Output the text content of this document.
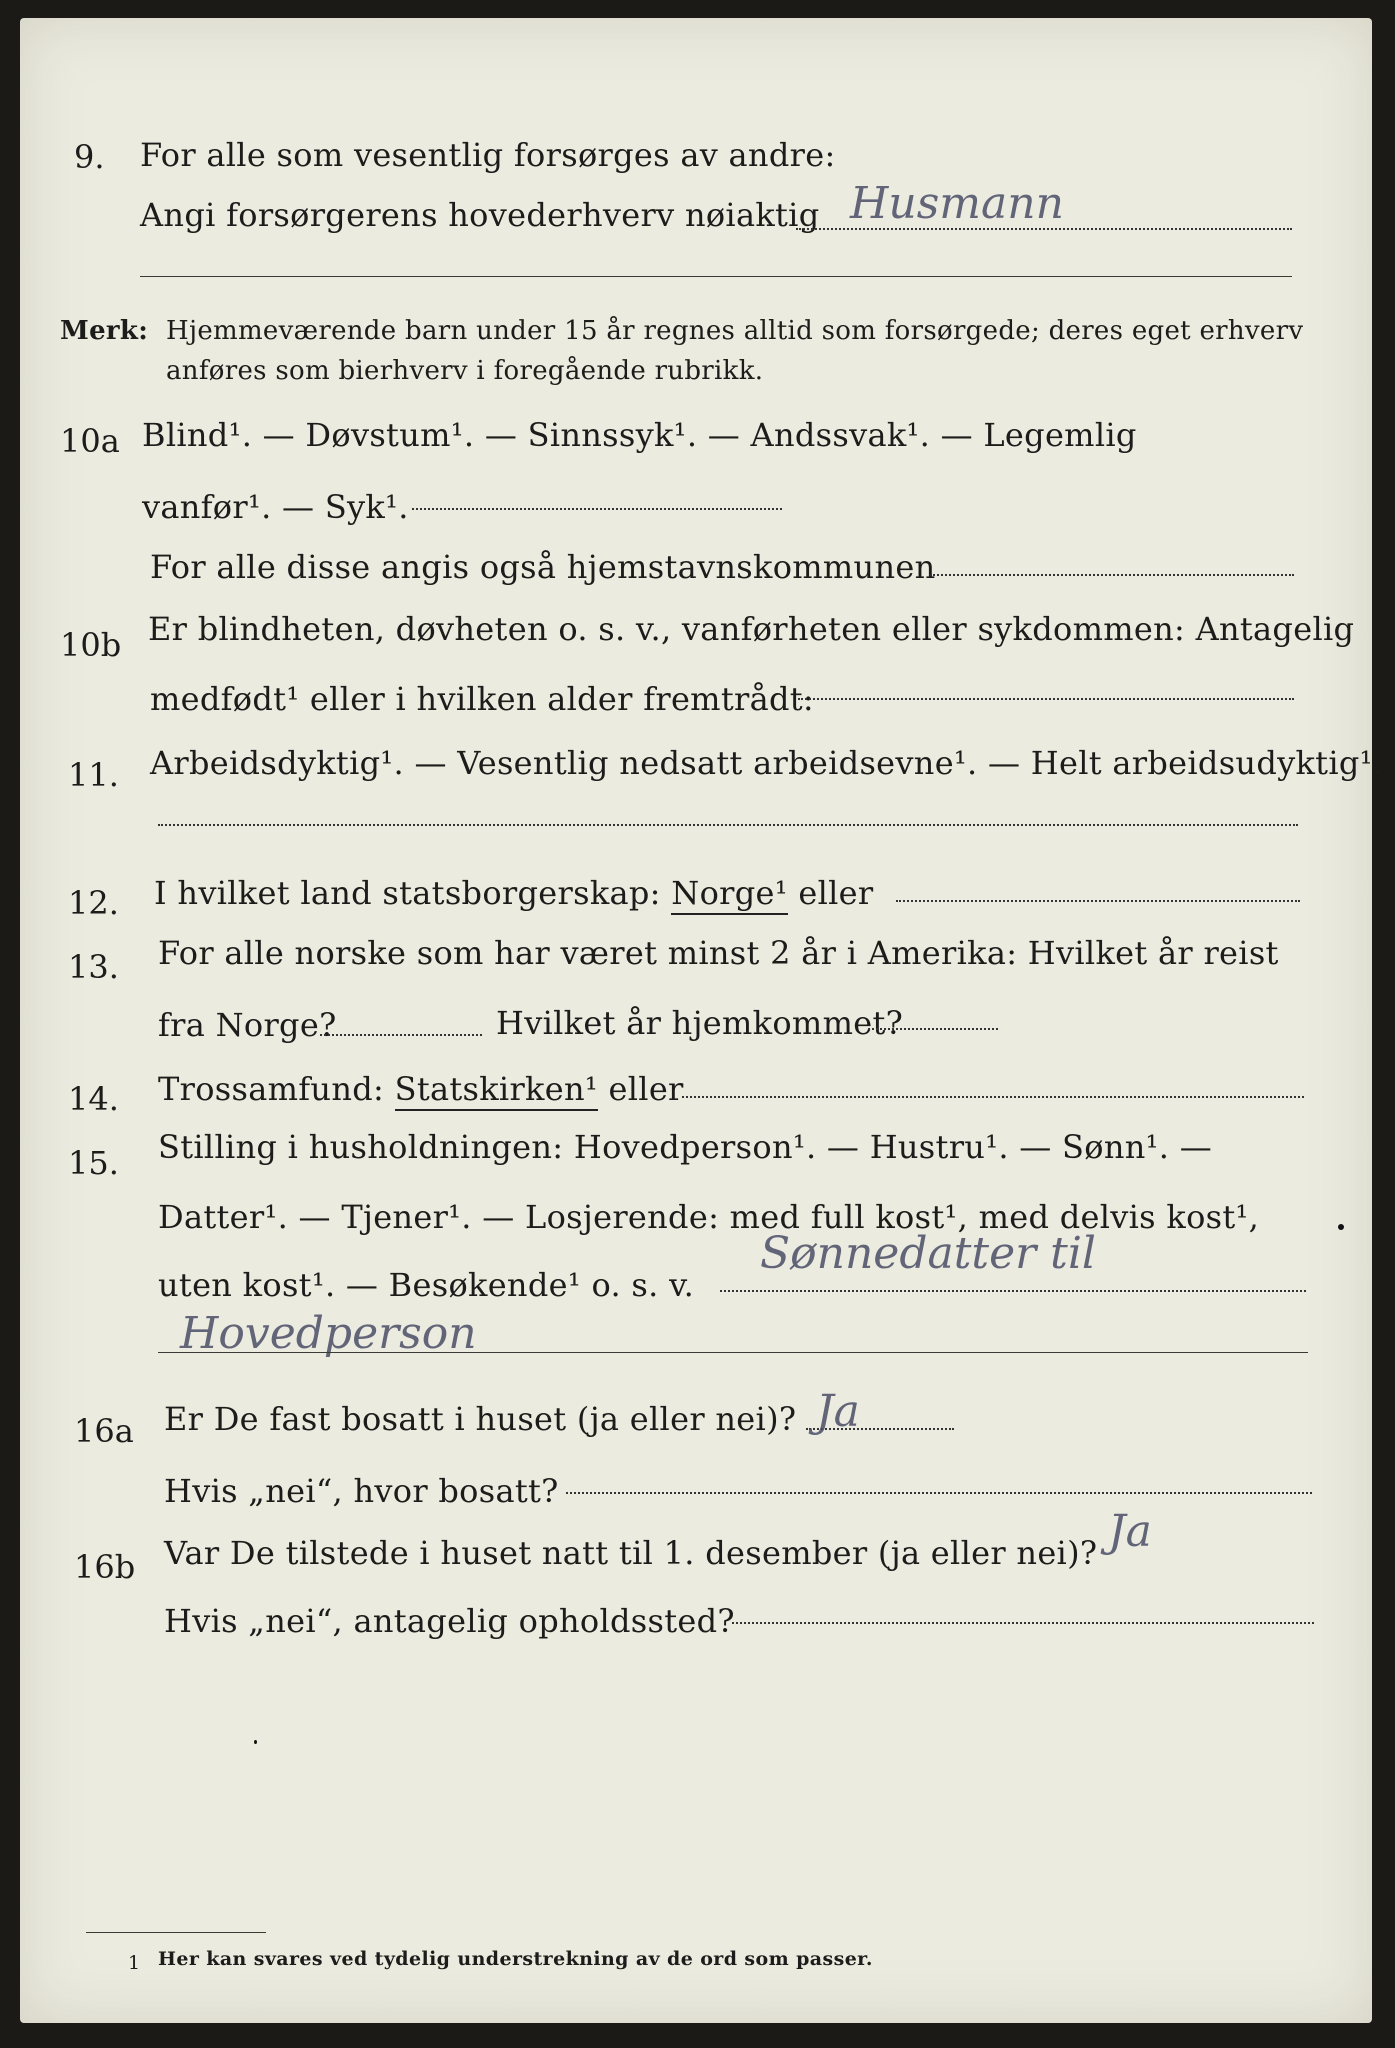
9. For alle som vesentlig forsørges av andre:
Angi forsørgerens hovederhverv nøiaktig Husmann
Merk: Hjemmeværende barn under 15 år regnes alltid som forsørgede; deres eget erhverv
anføres som bierhverv i foregående rubrikk.
10a Blind¹. — Døvstum¹. — Sinnssyk¹. — Andssvak¹. — Legemlig
vanfør¹. — Syk¹.
For alle disse angis også hjemstavnskommunen
10b Er blindheten, døvheten o. s. v., vanførheten eller sykdommen: Antagelig
medfødt¹ eller i hvilken alder fremtrådt:
11. Arbeidsdyktig¹. — Vesentlig nedsatt arbeidsevne¹. — Helt arbeidsudyktig¹.
12. I hvilket land statsborgerskap: Norge¹ eller
13. For alle norske som har været minst 2 år i Amerika: Hvilket år reist
fra Norge?	Hvilket år hjemkommet?
14. Trossamfund: Statskirken¹ eller
15. Stilling i husholdningen: Hovedperson¹. — Hustru¹. — Sønn¹. —
Datter¹. — Tjener¹. — Losjerende: med full kost¹, med delvis kost¹,
uten kost¹. — Besøkende¹ o. s. v.
Sønnedatter til
Hovedperson
16a Er De fast bosatt i huset (ja eller nei)? Ja
Hvis „nei“, hvor bosatt?
16b Var De tilstede i huset natt til 1. desember (ja eller nei)? Ja
Hvis „nei“, antagelig opholdssted?
1 Her kan svares ved tydelig understrekning av de ord som passer.
